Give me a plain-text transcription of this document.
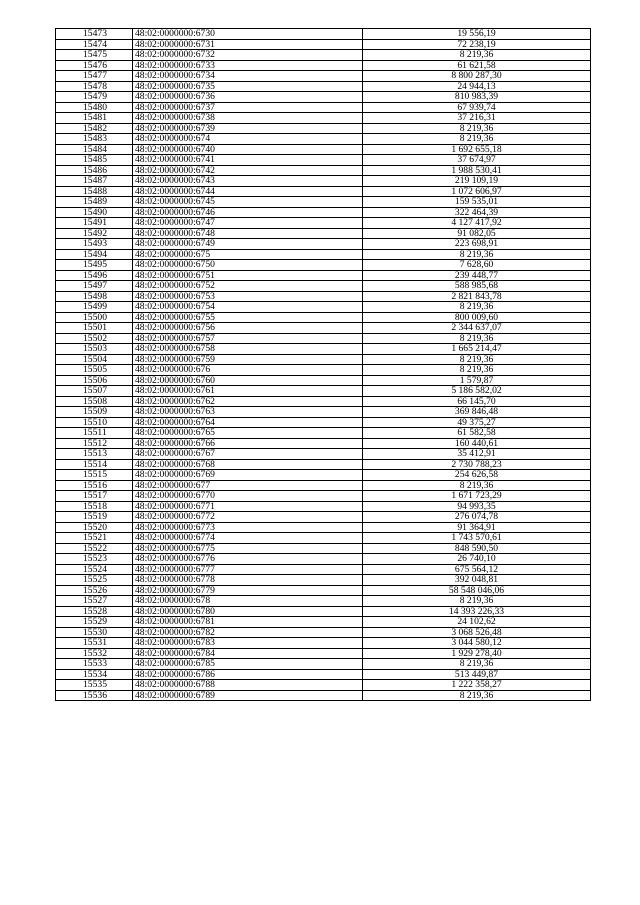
15473	48:02:0000000:6730	19 556,19
15474	48:02:0000000:6731	72 238,19
15475	48:02:0000000:6732	8 219,36
15476	48:02:0000000:6733	61 621,58
15477	48:02:0000000:6734	8 800 287,30
15478	48:02:0000000:6735	24 944,13
15479	48:02:0000000:6736	810 983,39
15480	48:02:0000000:6737	67 939,74
15481	48:02:0000000:6738	37 216,31
15482	48:02:0000000:6739	8 219,36
15483	48:02:0000000:674	8 219,36
15484	48:02:0000000:6740	1 692 655,18
15485	48:02:0000000:6741	37 674,97
15486	48:02:0000000:6742	1 988 530,41
15487	48:02:0000000:6743	219 109,19
15488	48:02:0000000:6744	1 072 606,97
15489	48:02:0000000:6745	159 535,01
15490	48:02:0000000:6746	322 464,39
15491	48:02:0000000:6747	4 127 417,92
15492	48:02:0000000:6748	91 082,05
15493	48:02:0000000:6749	223 698,91
15494	48:02:0000000:675	8 219,36
15495	48:02:0000000:6750	7 628,60
15496	48:02:0000000:6751	239 448,77
15497	48:02:0000000:6752	588 985,68
15498	48:02:0000000:6753	2 821 843,78
15499	48:02:0000000:6754	8 219,36
15500	48:02:0000000:6755	800 009,60
15501	48:02:0000000:6756	2 344 637,07
15502	48:02:0000000:6757	8 219,36
15503	48:02:0000000:6758	1 665 214,47
15504	48:02:0000000:6759	8 219,36
15505	48:02:0000000:676	8 219,36
15506	48:02:0000000:6760	1 579,87
15507	48:02:0000000:6761	5 186 582,02
15508	48:02:0000000:6762	66 145,70
15509	48:02:0000000:6763	369 846,48
15510	48:02:0000000:6764	49 375,27
15511	48:02:0000000:6765	61 582,58
15512	48:02:0000000:6766	160 440,61
15513	48:02:0000000:6767	35 412,91
15514	48:02:0000000:6768	2 730 788,23
15515	48:02:0000000:6769	254 626,58
15516	48:02:0000000:677	8 219,36
15517	48:02:0000000:6770	1 671 723,29
15518	48:02:0000000:6771	94 993,35
15519	48:02:0000000:6772	276 074,78
15520	48:02:0000000:6773	91 364,91
15521	48:02:0000000:6774	1 743 570,61
15522	48:02:0000000:6775	848 590,50
15523	48:02:0000000:6776	26 740,10
15524	48:02:0000000:6777	675 564,12
15525	48:02:0000000:6778	392 048,81
15526	48:02:0000000:6779	58 548 046,06
15527	48:02:0000000:678	8 219,36
15528	48:02:0000000:6780	14 393 226,33
15529	48:02:0000000:6781	24 102,62
15530	48:02:0000000:6782	3 068 526,48
15531	48:02:0000000:6783	3 044 580,12
15532	48:02:0000000:6784	1 929 278,40
15533	48:02:0000000:6785	8 219,36
15534	48:02:0000000:6786	513 449,87
15535	48:02:0000000:6788	1 222 358,27
15536	48:02:0000000:6789	8 219,36
